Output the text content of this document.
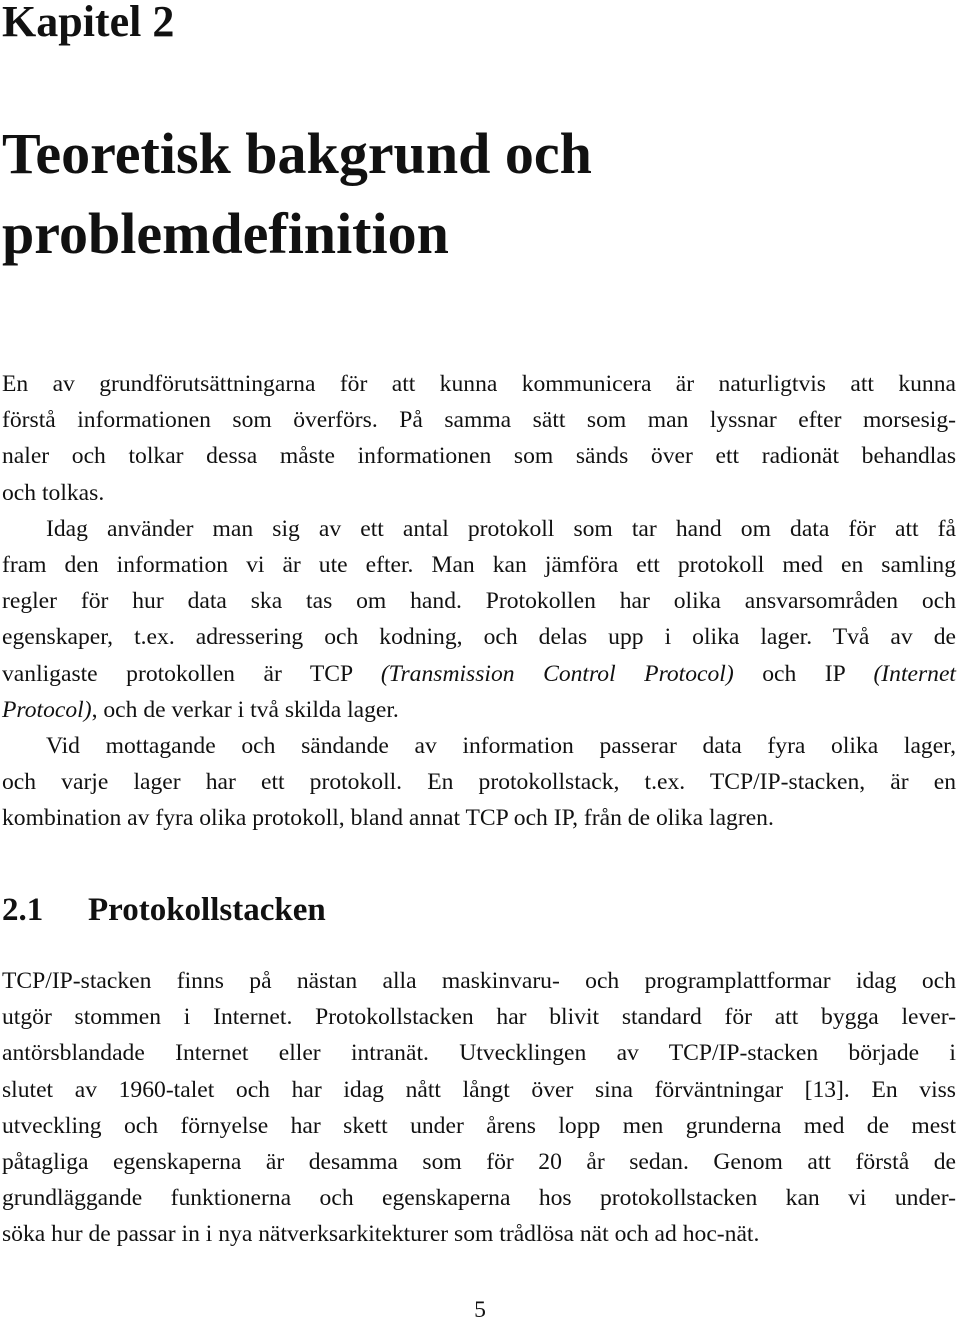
Kapitel 2
Teoretisk bakgrund och
problemdefinition
En av grundförutsättningarna för att kunna kommunicera är naturligtvis att kunna
förstå informationen som överförs. På samma sätt som man lyssnar efter morsesig-
naler och tolkar dessa måste informationen som sänds över ett radionät behandlas
och tolkas.
Idag använder man sig av ett antal protokoll som tar hand om data för att få
fram den information vi är ute efter. Man kan jämföra ett protokoll med en samling
regler för hur data ska tas om hand. Protokollen har olika ansvarsområden och
egenskaper, t.ex. adressering och kodning, och delas upp i olika lager. Två av de
vanligaste protokollen är TCP (Transmission Control Protocol) och IP (Internet
Protocol), och de verkar i två skilda lager.
Vid mottagande och sändande av information passerar data fyra olika lager,
och varje lager har ett protokoll. En protokollstack, t.ex. TCP/IP-stacken, är en
kombination av fyra olika protokoll, bland annat TCP och IP, från de olika lagren.
2.1 Protokollstacken
TCP/IP-stacken finns på nästan alla maskinvaru- och programplattformar idag och
utgör stommen i Internet. Protokollstacken har blivit standard för att bygga lever-
antörsblandade Internet eller intranät. Utvecklingen av TCP/IP-stacken började i
slutet av 1960-talet och har idag nått långt över sina förväntningar [13]. En viss
utveckling och förnyelse har skett under årens lopp men grunderna med de mest
påtagliga egenskaperna är desamma som för 20 år sedan. Genom att förstå de
grundläggande funktionerna och egenskaperna hos protokollstacken kan vi under-
söka hur de passar in i nya nätverksarkitekturer som trådlösa nät och ad hoc-nät.
5
